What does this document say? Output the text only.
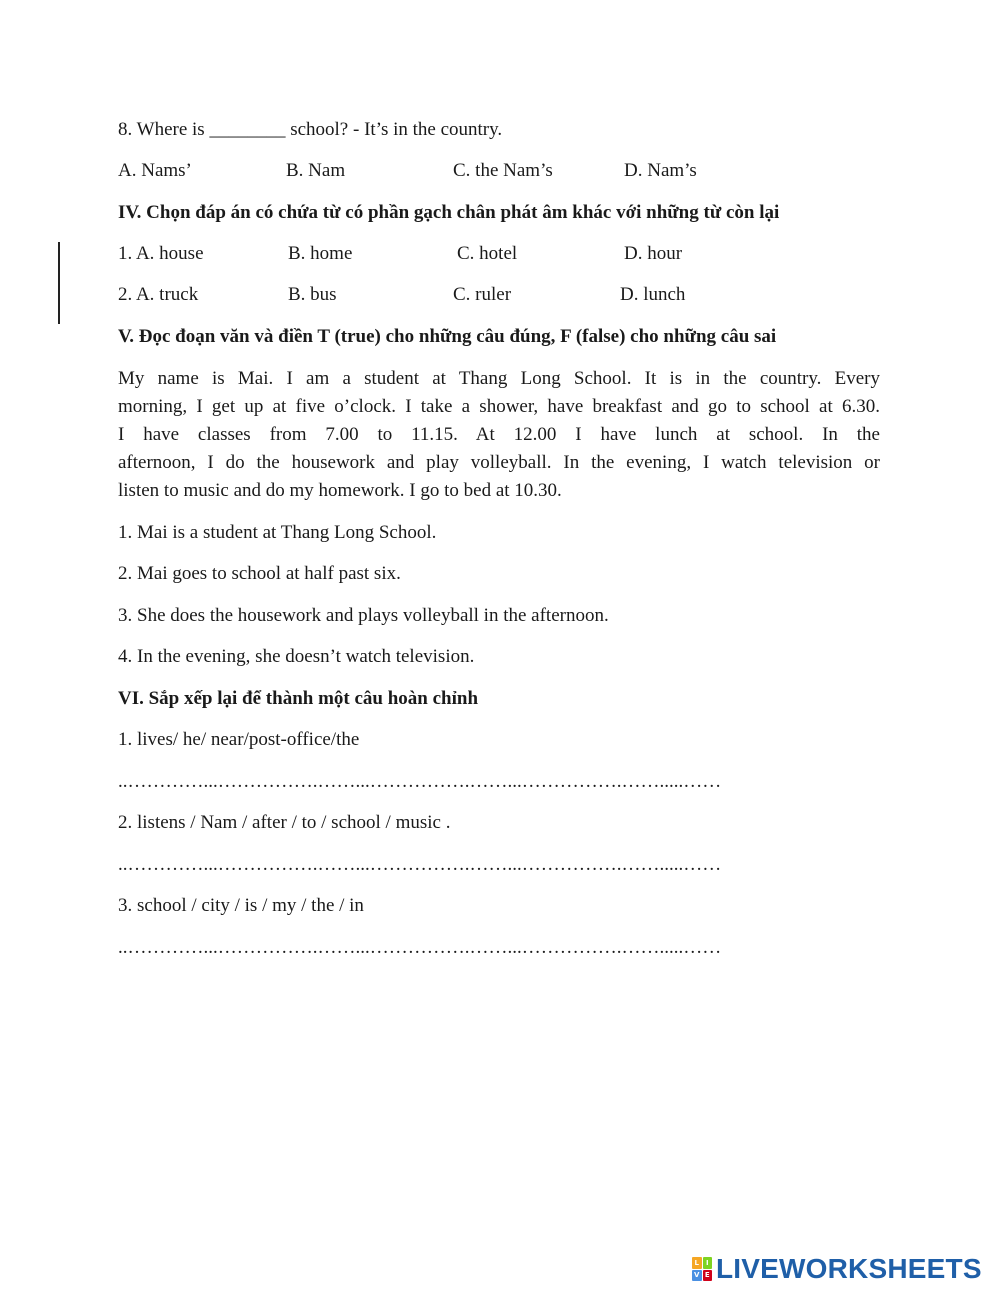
8. Where is ________ school? - It’s in the country.
A. Nams’	B. Nam	C. the Nam’s	D. Nam’s
IV. Chọn đáp án có chứa từ có phần gạch chân phát âm khác với những từ còn lại
1. A. house	B. home	C. hotel	D. hour
2. A. truck	B. bus	C. ruler	D. lunch
V. Đọc đoạn văn và điền T (true) cho những câu đúng, F (false) cho những câu sai
My name is Mai. I am a student at Thang Long School. It is in the country. Every
morning, I get up at five o’clock. I take a shower, have breakfast and go to school at 6.30.
I have classes from 7.00 to 11.15. At 12.00 I have lunch at school. In the
afternoon, I do the housework and play volleyball. In the evening, I watch television or
listen to music and do my homework. I go to bed at 10.30.
1. Mai is a student at Thang Long School.
2. Mai goes to school at half past six.
3. She does the housework and plays volleyball in the afternoon.
4. In the evening, she doesn’t watch television.
VI. Sắp xếp lại để thành một câu hoàn chỉnh
1. lives/ he/ near/post-office/the
..…………...…………….……...…………….……...…………….…….....……
2. listens / Nam / after / to / school / music .
..…………...…………….……...…………….……...…………….…….....……
3. school / city / is / my / the / in
..…………...…………….……...…………….……...…………….…….....……
L I
V E LIVEWORKSHEETS
